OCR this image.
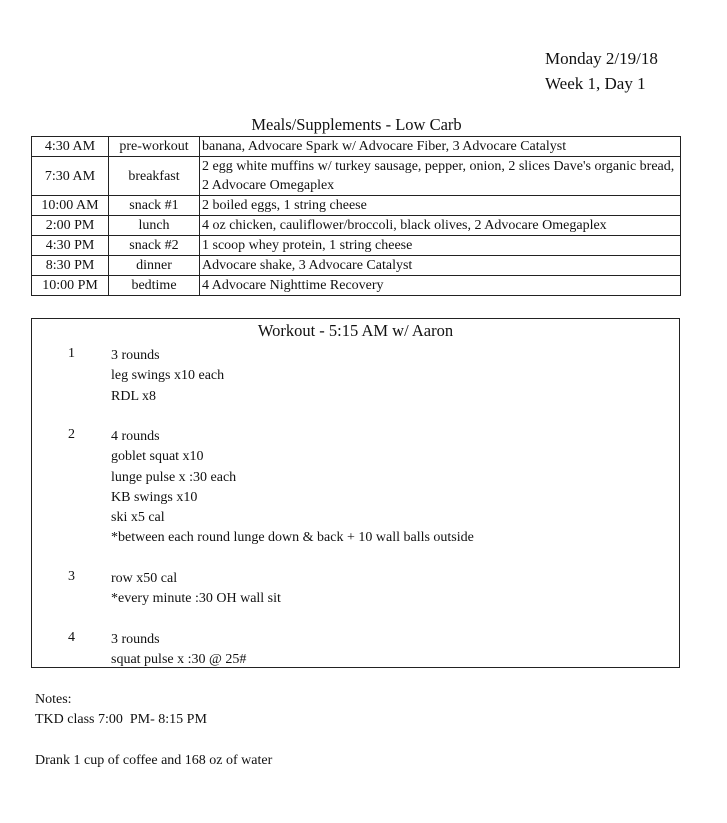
Monday 2/19/18
Week 1, Day 1
Meals/Supplements - Low Carb
4:30 AM	pre-workout	banana, Advocare Spark w/ Advocare Fiber, 3 Advocare Catalyst
7:30 AM	breakfast	2 egg white muffins w/ turkey sausage, pepper, onion, 2 slices Dave's organic bread, 2 Advocare Omegaplex
10:00 AM	snack #1	2 boiled eggs, 1 string cheese
2:00 PM	lunch	4 oz chicken, cauliflower/broccoli, black olives, 2 Advocare Omegaplex
4:30 PM	snack #2	1 scoop whey protein, 1 string cheese
8:30 PM	dinner	Advocare shake, 3 Advocare Catalyst
10:00 PM	bedtime	4 Advocare Nighttime Recovery
Workout - 5:15 AM w/ Aaron
1	3 rounds
leg swings x10 each
RDL x8
2	4 rounds
goblet squat x10
lunge pulse x :30 each
KB swings x10
ski x5 cal
*between each round lunge down & back + 10 wall balls outside
3	row x50 cal
*every minute :30 OH wall sit
4	3 rounds
squat pulse x :30 @ 25#
Notes:
TKD class 7:00  PM- 8:15 PM
Drank 1 cup of coffee and 168 oz of water
